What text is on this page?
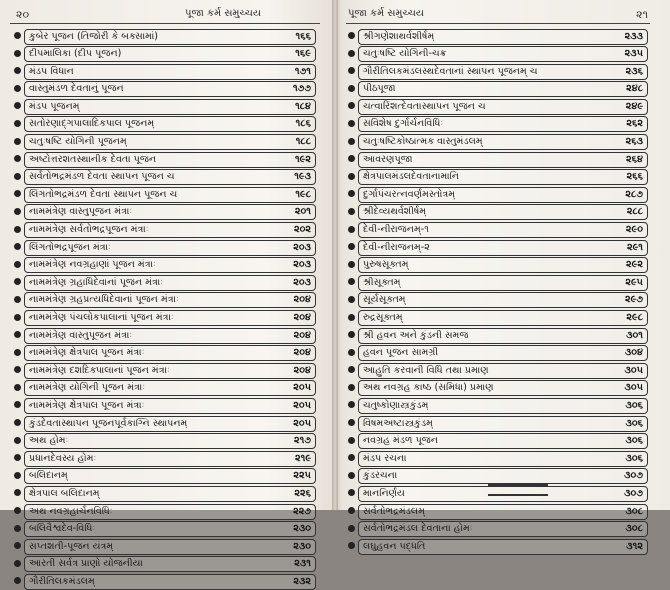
૨૦	પૂજા કર્મ સમુચ્ચય
કુબેર પૂજન (તિજોરી કે બક્સામાં)	૧૬૬
દીપમાલિકા (દીપ પૂજન)	૧૬૯
મંડપ વિધાન	૧૭૧
વાસ્તુમંડળ દેવતાનું પૂજન	૧૭૭
મંડપ પૂજનમ્	૧૮૪
સતોરણાદ્ગપાલાદિકપાલ પૂજનમ્	૧૮૬
ચતુઃષષ્ટિ યોગિની પૂજનમ્	૧૮૮
અષ્ટોત્તરશતસ્થાનીક દેવતા પૂજન	૧૯૨
સર્વતોભદ્રમંડળ દેવતા સ્થાપન પૂજન ચ	૧૯૩
લિંગતોભદ્રમંડળ દેવતા સ્થાપન પૂજન ચ	૧૯૮
નામમંત્રેણ વાસ્તુપૂજન મંત્રાઃ	૨૦૧
નામમંત્રેણ સર્વતોભદ્રપૂજન મંત્રાઃ	૨૦૨
લિંગતોભદ્રપૂજન મંત્રાઃ	૨૦૩
નામમંત્રેણ નવગ્રહાણાં પૂજન મંત્રાઃ	૨૦૩
નામમંત્રેણ ગ્રહાધિદેવાનાં પૂજન મંત્રાઃ	૨૦૩
નામમંત્રેણ ગ્રહપ્રત્યધિદેવાનાં પૂજન મંત્રાઃ	૨૦૪
નામમંત્રેણ પંચલોકપાલાનાં પૂજન મંત્રાઃ	૨૦૪
નામમંત્રેણ વાસ્તુપૂજન મંત્રાઃ	૨૦૪
નામમંત્રેણ ક્ષેત્રપાલ પૂજન મંત્રાઃ	૨૦૪
નામમંત્રેણ દશદિક્પાલાનાં પૂજન મંત્રાઃ	૨૦૪
નામમંત્રેણ યોગિની પૂજન મંત્રાઃ	૨૦૫
નામમંત્રેણ ક્ષેત્રપાલ પૂજન મંત્રાઃ	૨૦૫
કુંડદેવતાસ્થાપન પૂજનપૂર્વકાગ્નિ સ્થાપનમ્	૨૦૫
અથ હોમઃ	૨૧૭
પ્રધાનદેવસ્ય હોમઃ	૨૧૯
બલિદાનમ્	૨૨૫
ક્ષેત્રપાલ બલિદાનમ્	૨૨૬
અથ નવગ્રહાર્ચનવિધિઃ	૨૨૭
બલિવૈશ્વદેવ-વિધિઃ	૨૩૦
સપ્તશતી-પૂજન યંત્રમ્	૨૩૦
આરતી સર્વત્ર પ્રાણો યોજનીયા	૨૩૧
ગૌરીતિલકમંડલમ્	૨૩૨
પૂજા કર્મ સમુચ્ચય	૨૧
શ્રીગણેશાથર્વશીર્ષમ્	૨૩૩
ચતુઃષષ્ટિ યોગિની-ચક્ર	૨૩૫
ગૌરીતિલકમંડલસ્થદેવતાનાં સ્થાપન પૂજનમ્ ચ	૨૩૬
પીઠપૂજા	૨૪૮
ચત્વારિંશત્દેવતાસ્થાપન પૂજન ચ	૨૪૯
સવિશેષ દુર્ગાર્ચનવિધિઃ	૨૬૨
ચતુઃષષ્ટિકોષ્ઠાત્મક વાસ્તુમંડલમ્	૨૬૩
આવરણપૂજા	૨૬૪
ક્ષેત્રપાલમંડલદેવતાનામાનિ	૨૬૬
દુર્ગાપંચરત્નવર્ણમસ્તોત્રમ્	૨૮૭
શ્રીદેવ્યથર્વશીર્ષમ્	૨૮૮
દેવી-નીરાજનમ્-૧	૨૯૦
દેવી-નીરાજનમ્-૨	૨૯૧
પુરુષસૂક્તમ્	૨૯૨
શ્રીસૂક્તમ્	૨૯૫
સૂર્યસૂક્તમ્	૨૯૭
રુદ્રસૂક્તમ્	૨૯૮
શ્રી હવન અને કુંડની સમજ	૩૦૧
હવન પૂજન સામગ્રી	૩૦૪
આહુતિ કરવાની વિધિ તથા પ્રમાણ	૩૦૫
અથ નવગ્રહ કાષ્ઠ (સમિધા) પ્રમાણ	૩૦૫
ચતુષ્કોણાસ્ત્રકુંડમ્	૩૦૬
વિષમઅષ્ટાસ્ત્રકુંડમ્	૩૦૬
નવગ્રહ મંડળ પૂજન	૩૦૬
મંડપ રચના	૩૦૬
કુંડરચના	૩૦૭
માનનિર્ણય	૩૦૭
સર્વતોભદ્રમંડલમ્	૩૦૮
સર્વતોભદ્રમંડલ દેવતાના હોમઃ	૩૦૮
લઘુહવન પદ્ધતિ	૩૧૨
